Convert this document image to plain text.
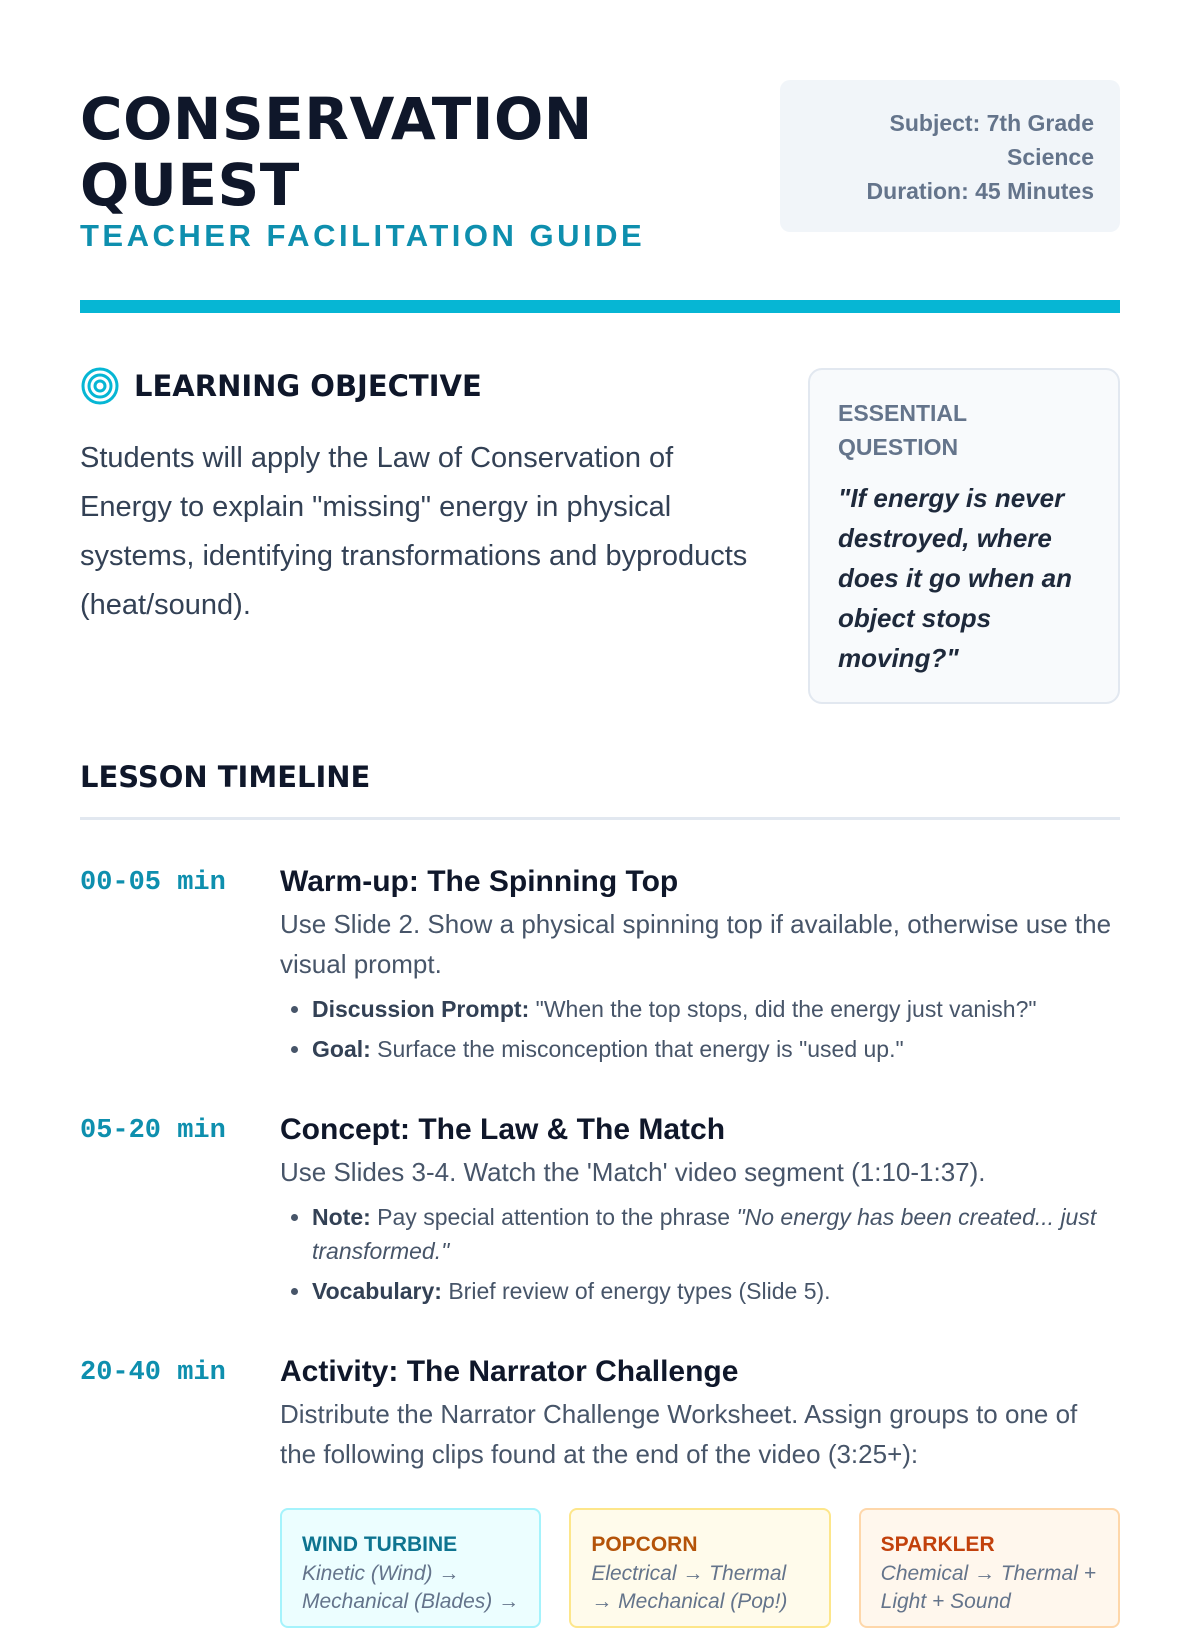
CONSERVATION
QUEST
TEACHER FACILITATION GUIDE
Subject: 7th Grade
Science
Duration: 45 Minutes
LEARNING OBJECTIVE
Students will apply the Law of Conservation of Energy to explain "missing" energy in physical systems, identifying transformations and byproducts (heat/sound).
ESSENTIAL
QUESTION
"If energy is never destroyed, where does it go when an object stops moving?"
LESSON TIMELINE
00-05 min Warm-up: The Spinning Top
Use Slide 2. Show a physical spinning top if available, otherwise use the visual prompt.
• Discussion Prompt: "When the top stops, did the energy just vanish?"
• Goal: Surface the misconception that energy is "used up."
05-20 min Concept: The Law & The Match
Use Slides 3-4. Watch the 'Match' video segment (1:10-1:37).
• Note: Pay special attention to the phrase "No energy has been created... just transformed."
• Vocabulary: Brief review of energy types (Slide 5).
20-40 min Activity: The Narrator Challenge
Distribute the Narrator Challenge Worksheet. Assign groups to one of the following clips found at the end of the video (3:25+):
WIND TURBINE
Kinetic (Wind) → Mechanical (Blades) →
POPCORN
Electrical → Thermal → Mechanical (Pop!)
SPARKLER
Chemical → Thermal + Light + Sound
